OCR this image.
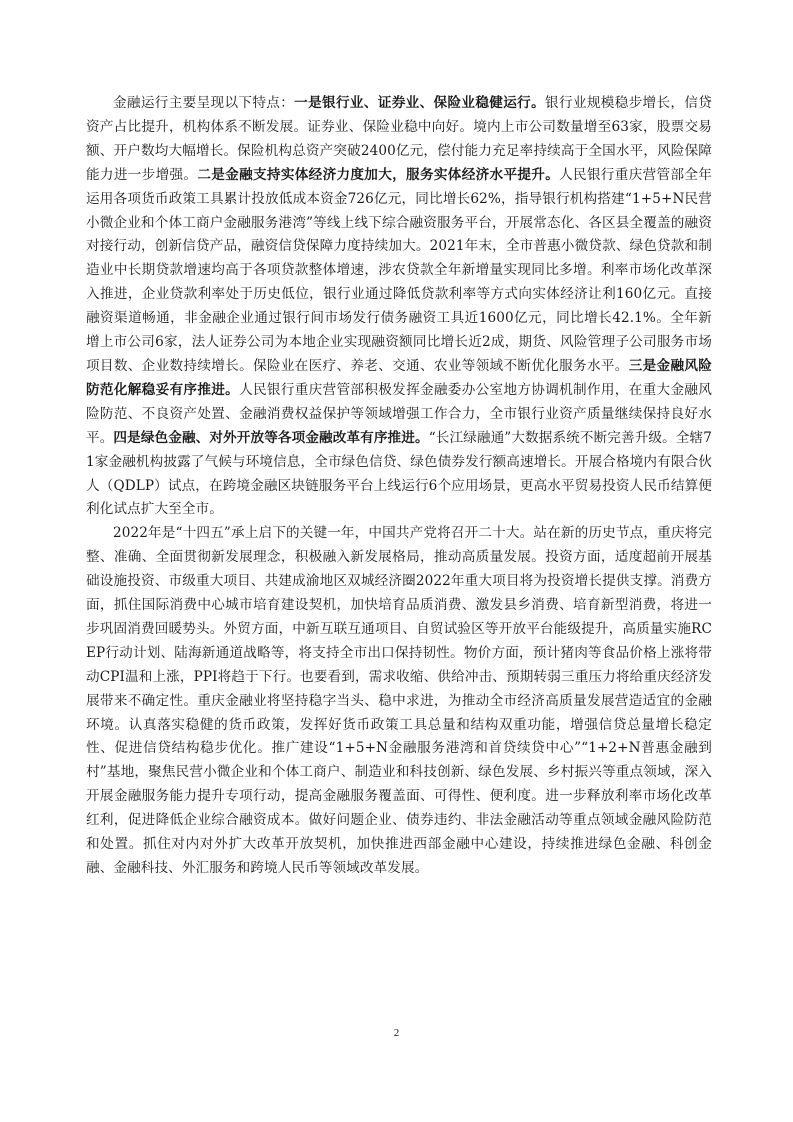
金融运行主要呈现以下特点：一是银行业、证券业、保险业稳健运行。银行业规模稳步增长，信贷资产占比提升，机构体系不断发展。证券业、保险业稳中向好。境内上市公司数量增至63家，股票交易额、开户数均大幅增长。保险机构总资产突破2400亿元，偿付能力充足率持续高于全国水平，风险保障能力进一步增强。二是金融支持实体经济力度加大，服务实体经济水平提升。人民银行重庆营管部全年运用各项货币政策工具累计投放低成本资金726亿元，同比增长62%，指导银行机构搭建“1+5+N民营小微企业和个体工商户金融服务港湾”等线上线下综合融资服务平台，开展常态化、各区县全覆盖的融资对接行动，创新信贷产品，融资信贷保障力度持续加大。2021年末，全市普惠小微贷款、绿色贷款和制造业中长期贷款增速均高于各项贷款整体增速，涉农贷款全年新增量实现同比多增。利率市场化改革深入推进，企业贷款利率处于历史低位，银行业通过降低贷款利率等方式向实体经济让利160亿元。直接融资渠道畅通，非金融企业通过银行间市场发行债务融资工具近1600亿元，同比增长42.1%。全年新增上市公司6家，法人证券公司为本地企业实现融资额同比增长近2成，期货、风险管理子公司服务市场项目数、企业数持续增长。保险业在医疗、养老、交通、农业等领域不断优化服务水平。三是金融风险防范化解稳妥有序推进。人民银行重庆营管部积极发挥金融委办公室地方协调机制作用，在重大金融风险防范、不良资产处置、金融消费权益保护等领域增强工作合力，全市银行业资产质量继续保持良好水平。四是绿色金融、对外开放等各项金融改革有序推进。“长江绿融通”大数据系统不断完善升级。全辖71家金融机构披露了气候与环境信息，全市绿色信贷、绿色债券发行额高速增长。开展合格境内有限合伙人（QDLP）试点，在跨境金融区块链服务平台上线运行6个应用场景，更高水平贸易投资人民币结算便利化试点扩大至全市。

2022年是“十四五”承上启下的关键一年，中国共产党将召开二十大。站在新的历史节点，重庆将完整、准确、全面贯彻新发展理念，积极融入新发展格局，推动高质量发展。投资方面，适度超前开展基础设施投资、市级重大项目、共建成渝地区双城经济圈2022年重大项目将为投资增长提供支撑。消费方面，抓住国际消费中心城市培育建设契机，加快培育品质消费、激发县乡消费、培育新型消费，将进一步巩固消费回暖势头。外贸方面，中新互联互通项目、自贸试验区等开放平台能级提升，高质量实施RCEP行动计划、陆海新通道战略等，将支持全市出口保持韧性。物价方面，预计猪肉等食品价格上涨将带动CPI温和上涨，PPI将趋于下行。也要看到，需求收缩、供给冲击、预期转弱三重压力将给重庆经济发展带来不确定性。重庆金融业将坚持稳字当头、稳中求进，为推动全市经济高质量发展营造适宜的金融环境。认真落实稳健的货币政策，发挥好货币政策工具总量和结构双重功能，增强信贷总量增长稳定性、促进信贷结构稳步优化。推广建设“1+5+N金融服务港湾和首贷续贷中心”“1+2+N普惠金融到村”基地，聚焦民营小微企业和个体工商户、制造业和科技创新、绿色发展、乡村振兴等重点领域，深入开展金融服务能力提升专项行动，提高金融服务覆盖面、可得性、便利度。进一步释放利率市场化改革红利，促进降低企业综合融资成本。做好问题企业、债券违约、非法金融活动等重点领域金融风险防范和处置。抓住对内对外扩大改革开放契机，加快推进西部金融中心建设，持续推进绿色金融、科创金融、金融科技、外汇服务和跨境人民币等领域改革发展。

2
